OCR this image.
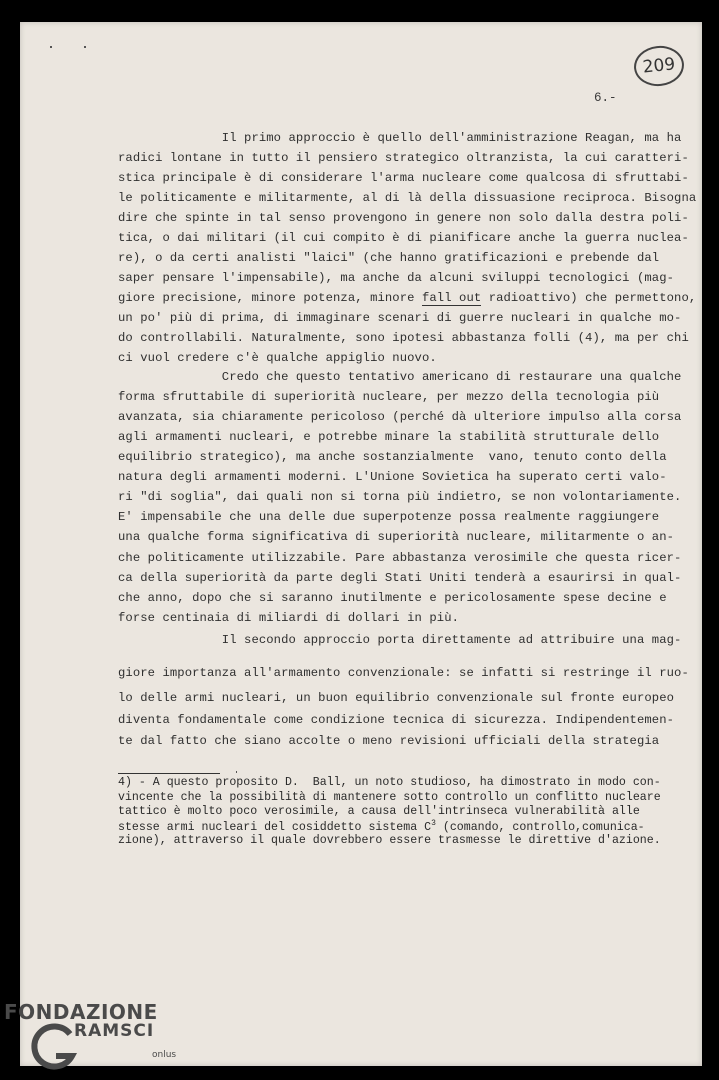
209
6.-
Il primo approccio è quello dell'amministrazione Reagan, ma ha
radici lontane in tutto il pensiero strategico oltranzista, la cui caratteri-
stica principale è di considerare l'arma nucleare come qualcosa di sfruttabi-
le politicamente e militarmente, al di là della dissuasione reciproca. Bisogna
dire che spinte in tal senso provengono in genere non solo dalla destra poli-
tica, o dai militari (il cui compito è di pianificare anche la guerra nuclea-
re), o da certi analisti "laici" (che hanno gratificazioni e prebende dal
saper pensare l'impensabile), ma anche da alcuni sviluppi tecnologici (mag-
giore precisione, minore potenza, minore fall out radioattivo) che permettono,
un po' più di prima, di immaginare scenari di guerre nucleari in qualche mo-
do controllabili. Naturalmente, sono ipotesi abbastanza folli (4), ma per chi
ci vuol credere c'è qualche appiglio nuovo.
Credo che questo tentativo americano di restaurare una qualche
forma sfruttabile di superiorità nucleare, per mezzo della tecnologia più
avanzata, sia chiaramente pericoloso (perché dà ulteriore impulso alla corsa
agli armamenti nucleari, e potrebbe minare la stabilità strutturale dello
equilibrio strategico), ma anche sostanzialmente  vano, tenuto conto della
natura degli armamenti moderni. L'Unione Sovietica ha superato certi valo-
ri "di soglia", dai quali non si torna più indietro, se non volontariamente.
E' impensabile che una delle due superpotenze possa realmente raggiungere
una qualche forma significativa di superiorità nucleare, militarmente o an-
che politicamente utilizzabile. Pare abbastanza verosimile che questa ricer-
ca della superiorità da parte degli Stati Uniti tenderà a esaurirsi in qual-
che anno, dopo che si saranno inutilmente e pericolosamente spese decine e
forse centinaia di miliardi di dollari in più.
Il secondo approccio porta direttamente ad attribuire una mag-
giore importanza all'armamento convenzionale: se infatti si restringe il ruo-
lo delle armi nucleari, un buon equilibrio convenzionale sul fronte europeo
diventa fondamentale come condizione tecnica di sicurezza. Indipendentemen-
te dal fatto che siano accolte o meno revisioni ufficiali della strategia
4) - A questo proposito D.  Ball, un noto studioso, ha dimostrato in modo con-
vincente che la possibilità di mantenere sotto controllo un conflitto nucleare
tattico è molto poco verosimile, a causa dell'intrinseca vulnerabilità alle
stesse armi nucleari del cosiddetto sistema $C^3$ (comando, controllo,comunica-
zione), attraverso il quale dovrebbero essere trasmesse le direttive d'azione.
FONDAZIONE
RAMSCI
onlus
